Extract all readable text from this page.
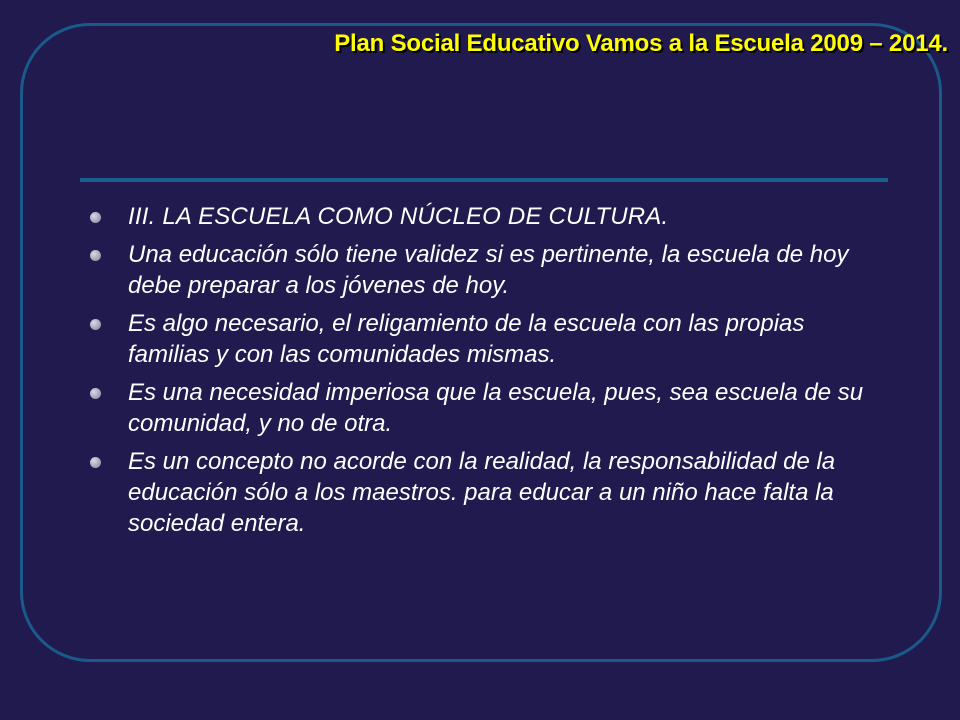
Plan Social Educativo Vamos a la Escuela 2009 – 2014.
III. LA ESCUELA COMO NÚCLEO DE CULTURA.
Una educación sólo tiene validez si es pertinente, la escuela de hoy debe preparar a los jóvenes de hoy.
Es algo necesario, el religamiento de la escuela con las propias familias y con las comunidades mismas.
Es una necesidad imperiosa que la escuela, pues, sea escuela de su comunidad, y no de otra.
Es un concepto no acorde con la realidad, la responsabilidad de la educación sólo a los maestros. para educar a un niño hace falta la sociedad entera.
